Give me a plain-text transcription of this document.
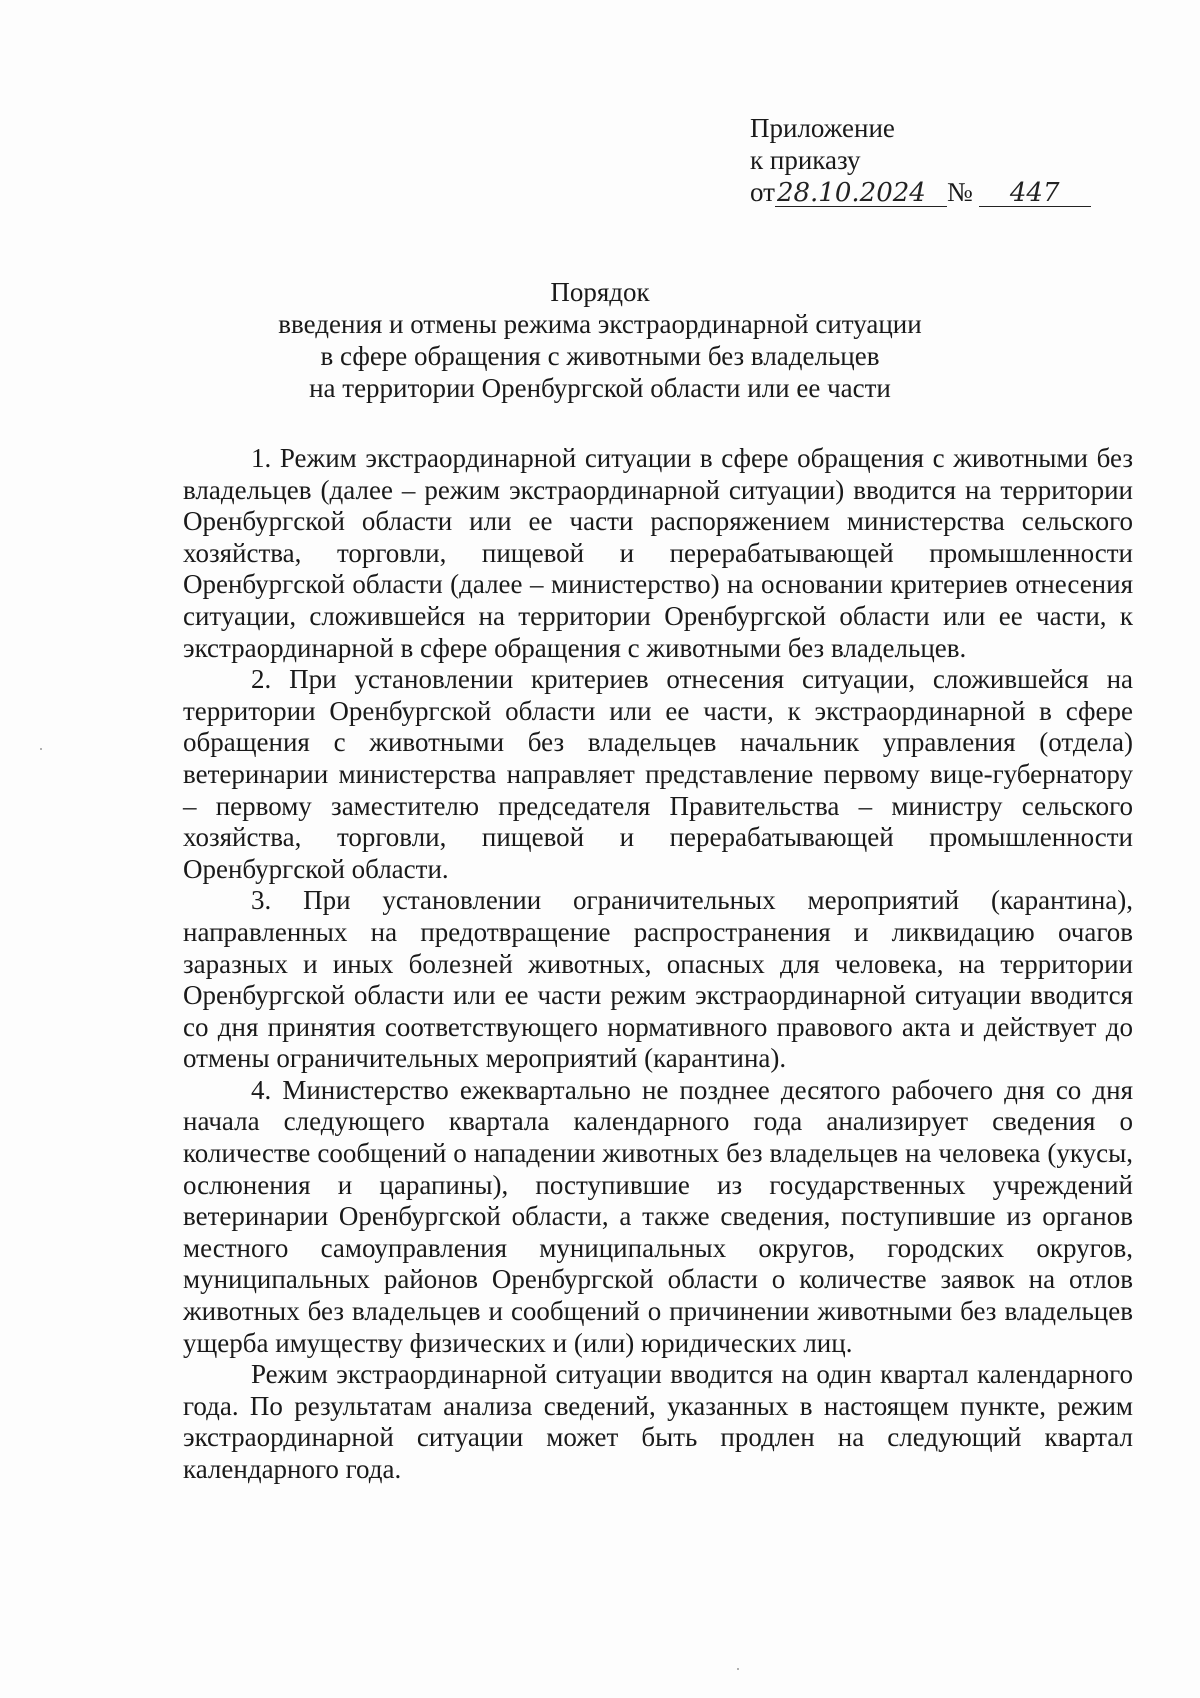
Приложение
к приказу
от28.10.2024 № 447
Порядок
введения и отмены режима экстраординарной ситуации
в сфере обращения с животными без владельцев
на территории Оренбургской области или ее части

1. Режим экстраординарной ситуации в сфере обращения с животными без владельцев (далее – режим экстраординарной ситуации) вводится на территории Оренбургской области или ее части распоряжением министерства сельского хозяйства, торговли, пищевой и перерабатывающей промышленности Оренбургской области (далее – министерство) на основании критериев отнесения ситуации, сложившейся на территории Оренбургской области или ее части, к экстраординарной в сфере обращения с животными без владельцев.

2. При установлении критериев отнесения ситуации, сложившейся на территории Оренбургской области или ее части, к экстраординарной в сфере обращения с животными без владельцев начальник управления (отдела) ветеринарии министерства направляет представление первому вице-губернатору – первому заместителю председателя Правительства – министру сельского хозяйства, торговли, пищевой и перерабатывающей промышленности Оренбургской области.

3. При установлении ограничительных мероприятий (карантина), направленных на предотвращение распространения и ликвидацию очагов заразных и иных болезней животных, опасных для человека, на территории Оренбургской области или ее части режим экстраординарной ситуации вводится со дня принятия соответствующего нормативного правового акта и действует до отмены ограничительных мероприятий (карантина).

4. Министерство ежеквартально не позднее десятого рабочего дня со дня начала следующего квартала календарного года анализирует сведения о количестве сообщений о нападении животных без владельцев на человека (укусы, ослюнения и царапины), поступившие из государственных учреждений ветеринарии Оренбургской области, а также сведения, поступившие из органов местного самоуправления муниципальных округов, городских округов, муниципальных районов Оренбургской области о количестве заявок на отлов животных без владельцев и сообщений о причинении животными без владельцев ущерба имуществу физических и (или) юридических лиц.

Режим экстраординарной ситуации вводится на один квартал календарного года. По результатам анализа сведений, указанных в настоящем пункте, режим экстраординарной ситуации может быть продлен на следующий квартал календарного года.
